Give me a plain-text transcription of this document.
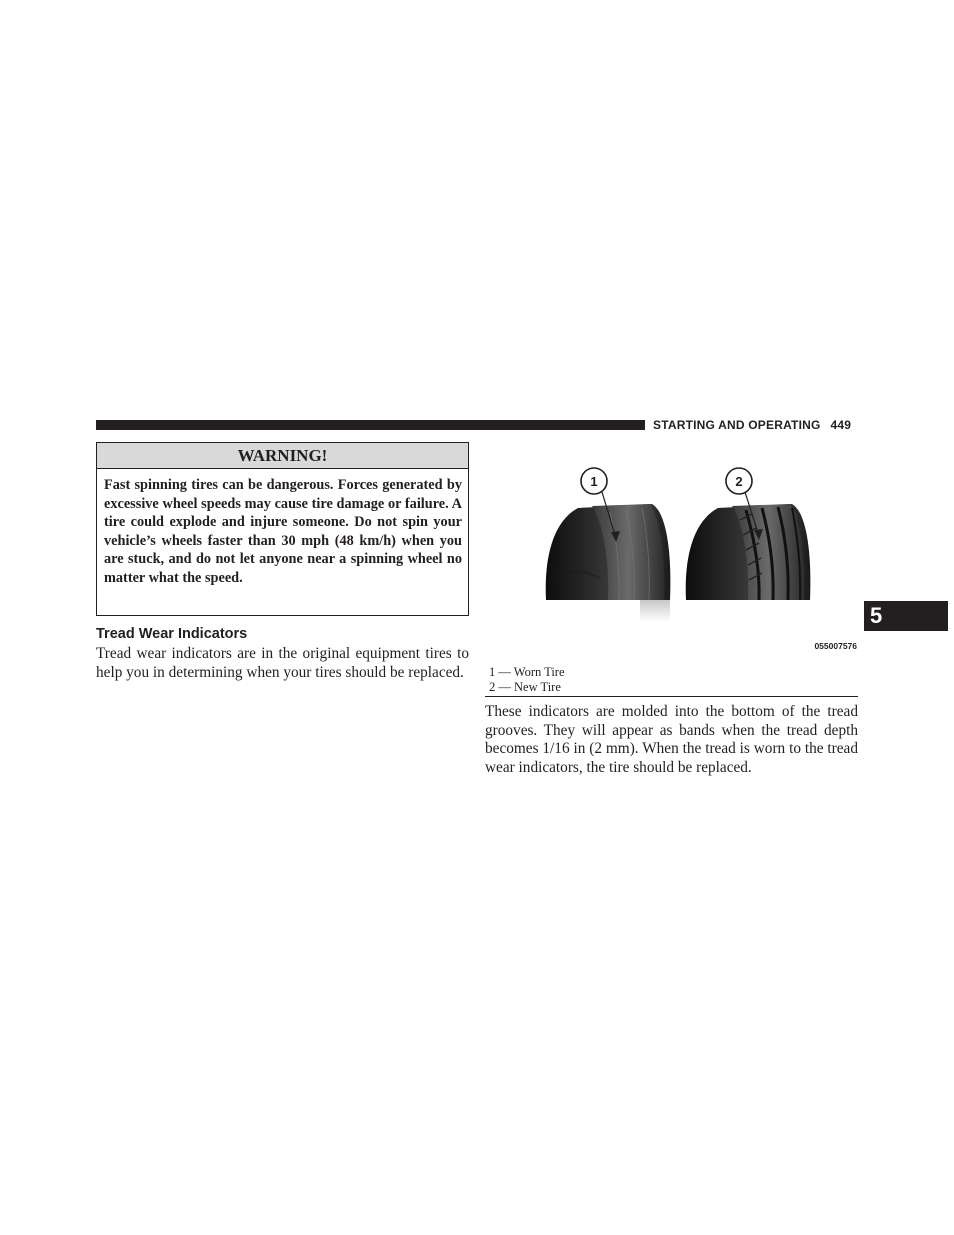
STARTING AND OPERATING 449
WARNING!
Fast spinning tires can be dangerous. Forces generated by excessive wheel speeds may cause tire damage or failure. A tire could explode and injure someone. Do not spin your vehicle’s wheels faster than 30 mph (48 km/h) when you are stuck, and do not let anyone near a spinning wheel no matter what the speed.
Tread Wear Indicators
Tread wear indicators are in the original equipment tires to help you in determining when your tires should be replaced.
1	2
055007576
1 — Worn Tire
2 — New Tire
These indicators are molded into the bottom of the tread grooves. They will appear as bands when the tread depth becomes 1/16 in (2 mm). When the tread is worn to the tread wear indicators, the tire should be replaced.
5
